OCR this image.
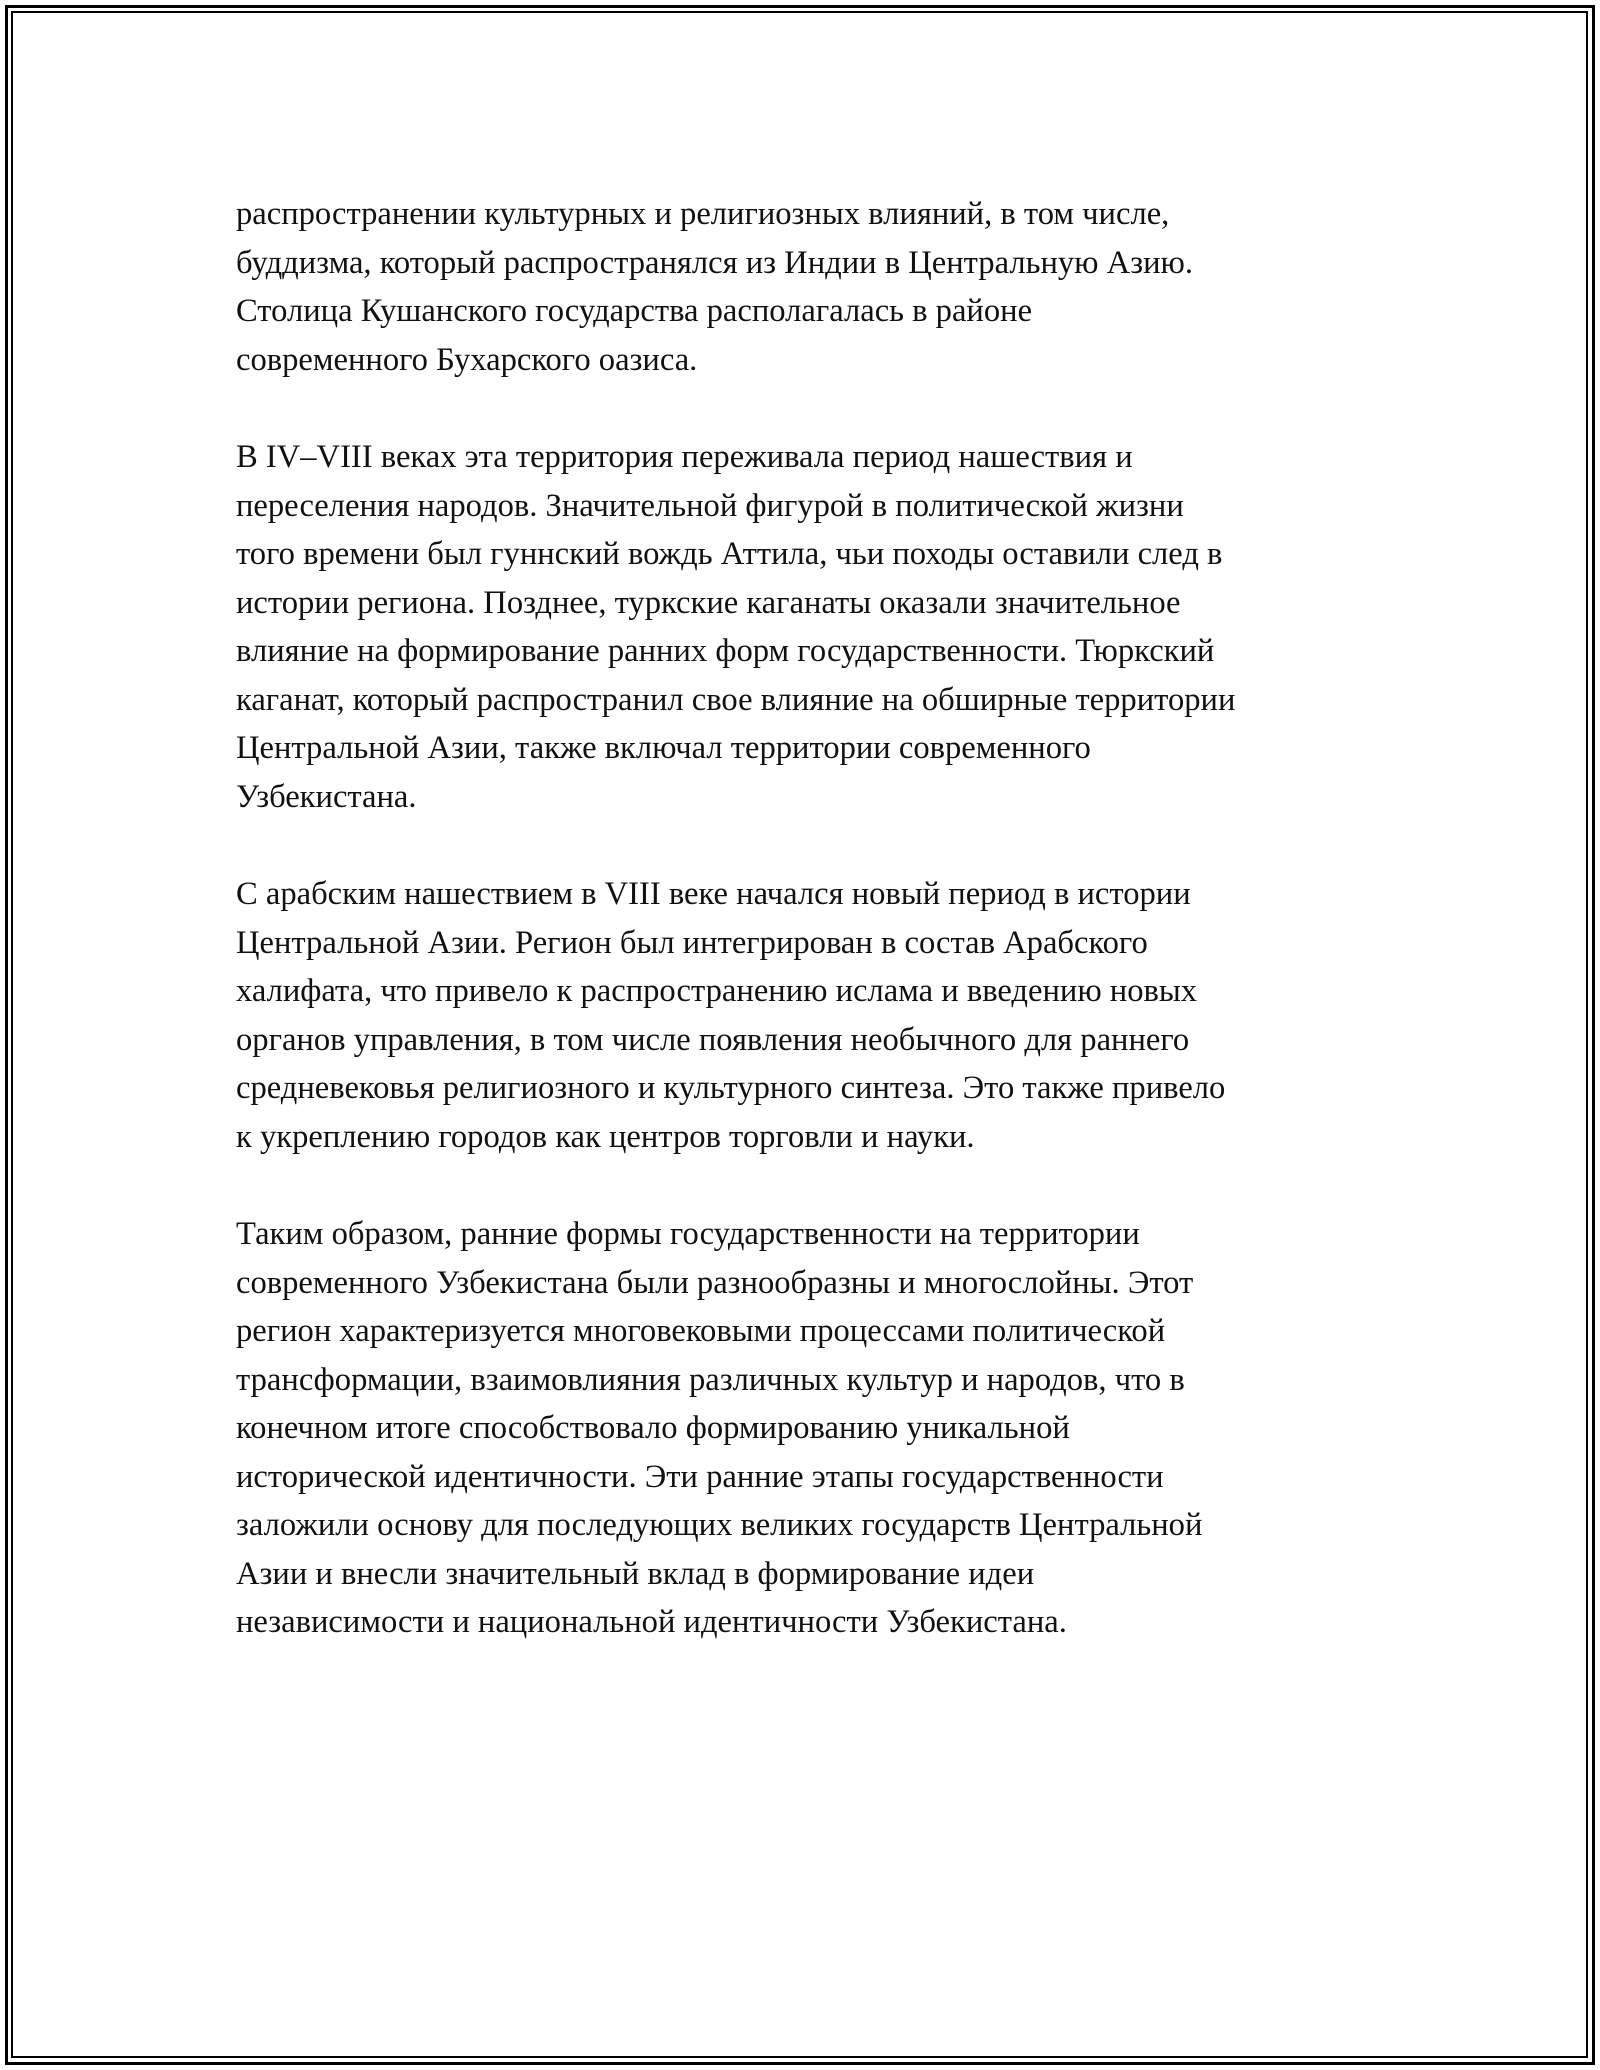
распространении культурных и религиозных влияний, в том числе,
буддизма, который распространялся из Индии в Центральную Азию.
Столица Кушанского государства располагалась в районе
современного Бухарского оазиса.

В IV–VIII веках эта территория переживала период нашествия и
переселения народов. Значительной фигурой в политической жизни
того времени был гуннский вождь Аттила, чьи походы оставили след в
истории региона. Позднее, туркские каганаты оказали значительное
влияние на формирование ранних форм государственности. Тюркский
каганат, который распространил свое влияние на обширные территории
Центральной Азии, также включал территории современного
Узбекистана.

С арабским нашествием в VIII веке начался новый период в истории
Центральной Азии. Регион был интегрирован в состав Арабского
халифата, что привело к распространению ислама и введению новых
органов управления, в том числе появления необычного для раннего
средневековья религиозного и культурного синтеза. Это также привело
к укреплению городов как центров торговли и науки.

Таким образом, ранние формы государственности на территории
современного Узбекистана были разнообразны и многослойны. Этот
регион характеризуется многовековыми процессами политической
трансформации, взаимовлияния различных культур и народов, что в
конечном итоге способствовало формированию уникальной
исторической идентичности. Эти ранние этапы государственности
заложили основу для последующих великих государств Центральной
Азии и внесли значительный вклад в формирование идеи
независимости и национальной идентичности Узбекистана.
